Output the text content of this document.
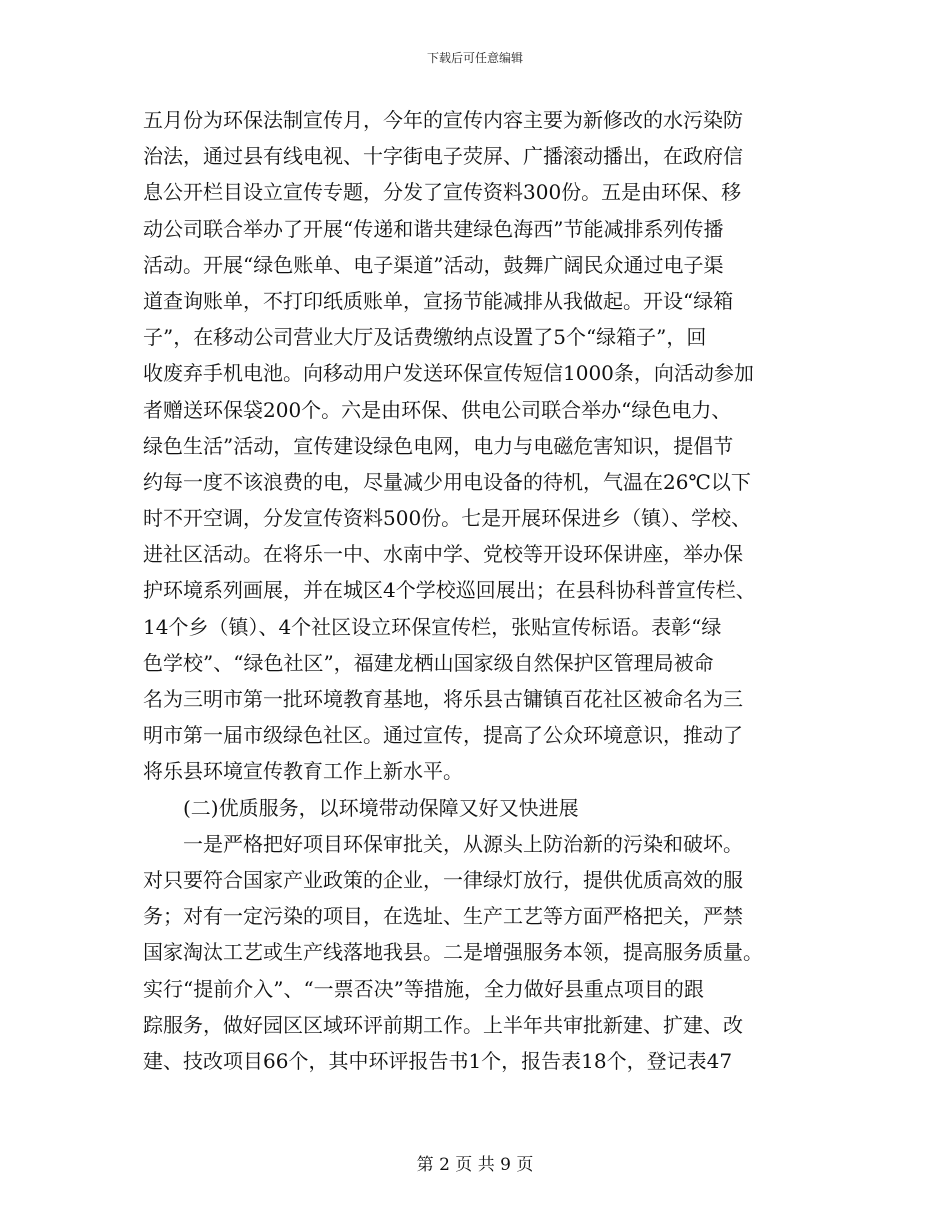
下载后可任意编辑
五月份为环保法制宣传月，今年的宣传内容主要为新修改的水污染防
治法，通过县有线电视、十字街电子荧屏、广播滚动播出，在政府信
息公开栏目设立宣传专题，分发了宣传资料300份。五是由环保、移
动公司联合举办了开展“传递和谐共建绿色海西”节能减排系列传播
活动。开展“绿色账单、电子渠道”活动，鼓舞广阔民众通过电子渠
道查询账单，不打印纸质账单，宣扬节能减排从我做起。开设“绿箱
子”，在移动公司营业大厅及话费缴纳点设置了5个“绿箱子”，回
收废弃手机电池。向移动用户发送环保宣传短信1000条，向活动参加
者赠送环保袋200个。六是由环保、供电公司联合举办“绿色电力、
绿色生活”活动，宣传建设绿色电网，电力与电磁危害知识，提倡节
约每一度不该浪费的电，尽量减少用电设备的待机，气温在26℃以下
时不开空调，分发宣传资料500份。七是开展环保进乡（镇）、学校、
进社区活动。在将乐一中、水南中学、党校等开设环保讲座，举办保
护环境系列画展，并在城区4个学校巡回展出；在县科协科普宣传栏、
14个乡（镇）、4个社区设立环保宣传栏，张贴宣传标语。表彰“绿
色学校”、“绿色社区”，福建龙栖山国家级自然保护区管理局被命
名为三明市第一批环境教育基地，将乐县古镛镇百花社区被命名为三
明市第一届市级绿色社区。通过宣传，提高了公众环境意识，推动了
将乐县环境宣传教育工作上新水平。
(二)优质服务，以环境带动保障又好又快进展
一是严格把好项目环保审批关，从源头上防治新的污染和破坏。
对只要符合国家产业政策的企业，一律绿灯放行，提供优质高效的服
务；对有一定污染的项目，在选址、生产工艺等方面严格把关，严禁
国家淘汰工艺或生产线落地我县。二是增强服务本领，提高服务质量。
实行“提前介入”、“一票否决”等措施，全力做好县重点项目的跟
踪服务，做好园区区域环评前期工作。上半年共审批新建、扩建、改
建、技改项目66个，其中环评报告书1个，报告表18个，登记表47
第 2 页 共 9 页
